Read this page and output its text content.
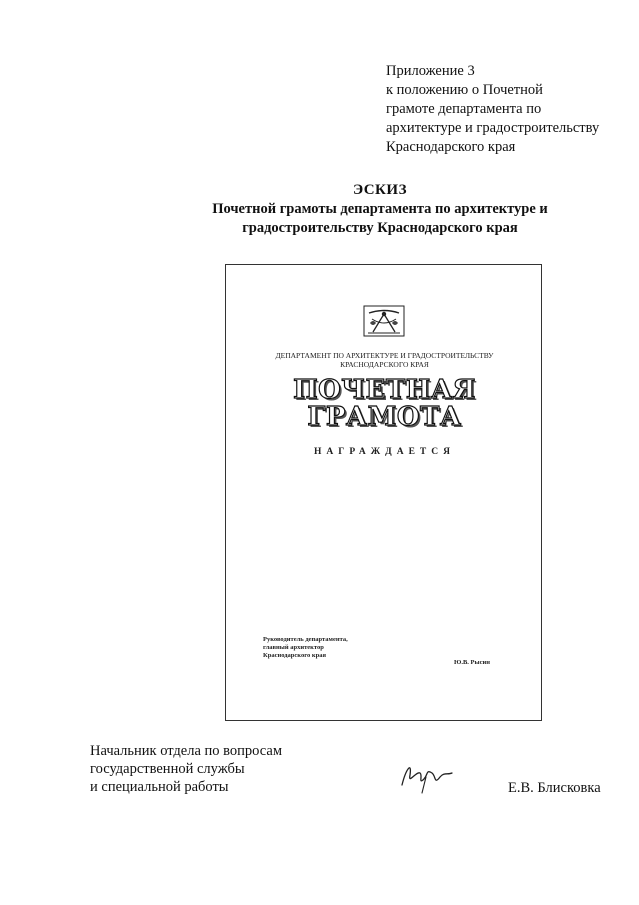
Приложение 3
к положению о Почетной
грамоте департамента по
архитектуре и градостроительству
Краснодарского края
ЭСКИЗ
Почетной грамоты департамента по архитектуре и
градостроительству Краснодарского края
ДЕПАРТАМЕНТ ПО АРХИТЕКТУРЕ И ГРАДОСТРОИТЕЛЬСТВУ
КРАСНОДАРСКОГО КРАЯ
ПОЧЕТНАЯ
ГРАМОТА
НАГРАЖДАЕТСЯ
Руководитель департамента,
главный архитектор
Краснодарского края
Ю.В. Рысин
Начальник отдела по вопросам
государственной службы
и специальной работы	Е.В. Блисковка
